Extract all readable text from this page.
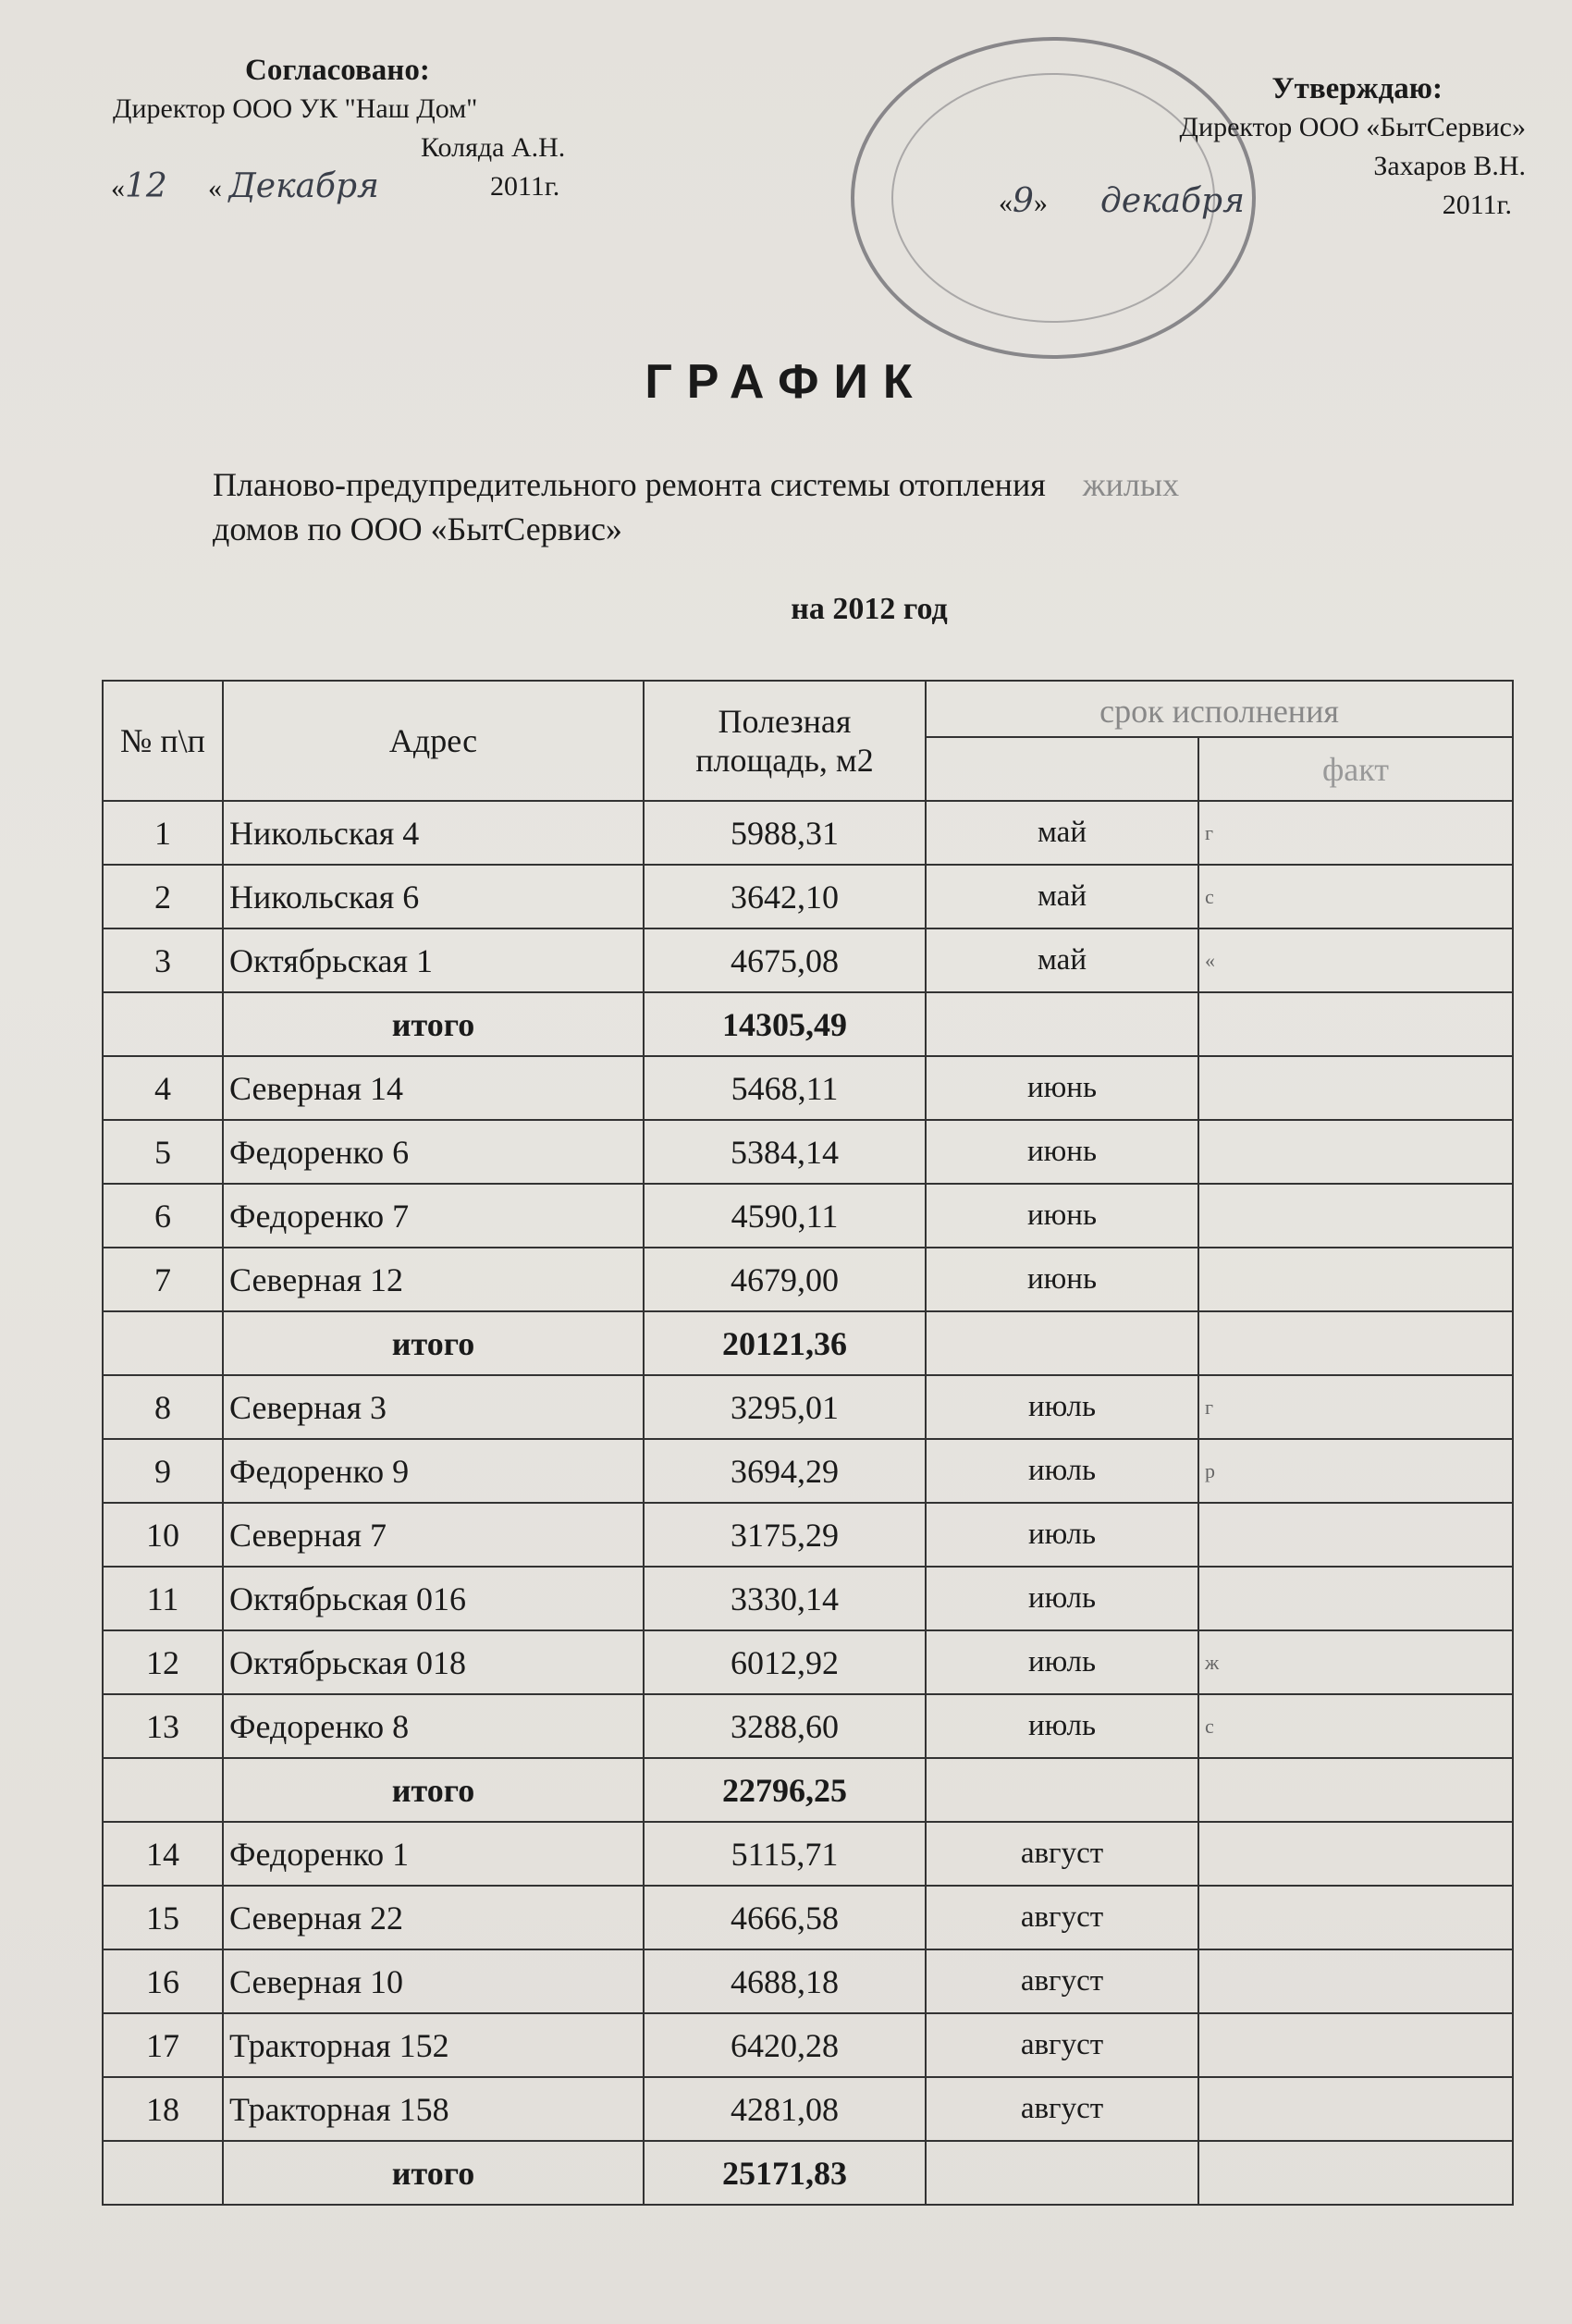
Согласовано:
Директор ООО УК "Наш Дом"
Коляда А.Н.
«12 « Декабря	2011г.
Утверждаю:
Директор ООО «БытСервис»
Захаров В.Н.
«9» декабря	2011г.
ГРАФИК
Планово-предупредительного ремонта системы отопления жилых
домов по ООО «БытСервис»
на 2012 год
№ п\п	Адрес	Полезная площадь, м2	срок исполнения	
				факт
1	Никольская 4	5988,31	май	г
2	Никольская 6	3642,10	май	с
3	Октябрьская 1	4675,08	май	«
	итого	14305,49		
4	Северная 14	5468,11	июнь	
5	Федоренко 6	5384,14	июнь	
6	Федоренко 7	4590,11	июнь	
7	Северная 12	4679,00	июнь	
	итого	20121,36		
8	Северная 3	3295,01	июль	г
9	Федоренко 9	3694,29	июль	р
10	Северная 7	3175,29	июль	
11	Октябрьская 016	3330,14	июль	
12	Октябрьская 018	6012,92	июль	ж
13	Федоренко 8	3288,60	июль	с
	итого	22796,25		
14	Федоренко 1	5115,71	август	
15	Северная 22	4666,58	август	
16	Северная 10	4688,18	август	
17	Тракторная 152	6420,28	август	
18	Тракторная 158	4281,08	август	
	итого	25171,83		
